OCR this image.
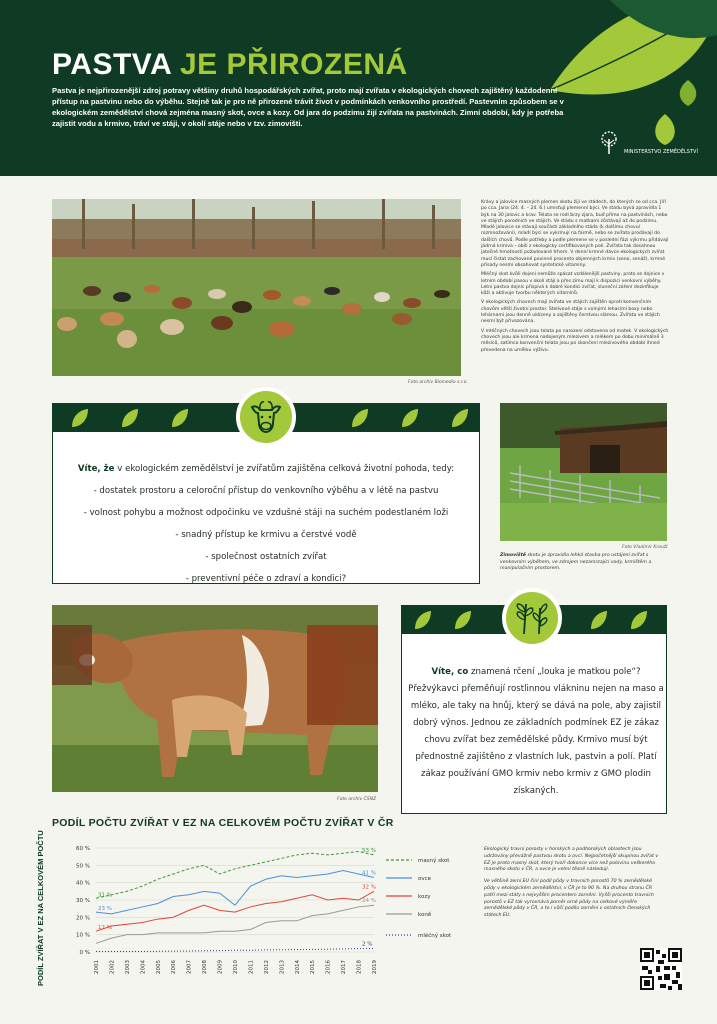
PASTVA JE PŘIROZENÁ
Pastva je nejpřirozenější zdroj potravy většiny druhů hospodářských zvířat, proto mají zvířata v ekologických chovech zajištěný každodenní přístup na pastvinu nebo do výběhu. Stejně tak je pro ně přirozené trávit život v podmínkách venkovního prostředí. Pastevním způsobem se v ekologickém zemědělství chová zejména masný skot, ovce a kozy. Od jara do podzimu žijí zvířata na pastvinách. Zimní období, kdy je potřeba zajistit vodu a krmivo, tráví ve stáji, v okolí stáje nebo v tzv. zimovišti.
MINISTERSTVO ZEMĚDĚLSTVÍ
Foto archiv Biomedio s.r.o.

Krávy a jalovice masných plemen skotu žijí ve stádech, do kterých se od cca. Jiří po cca. Jana (24. 4. – 24. 6.) umisťují plemenní býci. Ve stádu bývá zpravidla 1 býk na 30 jalovic a krav. Telata se rodí brzy zjara, buď přímo na pastvinách, nebo ve stájích porodních ve stájích. Ve stádu s matkami zůstávají až do podzimu. Mladé jalovice se stávají součástí základního stáda (k dalšímu chovu/ rozmnožování), mladí býci se vykrmují na farmě, nebo se zvířata prodávají do dalších chovů. Podle potřeby a podle plemene se v poslední fázi výkrmu přidávají jádrná krmiva – obilí z ekologicky certifikovaných polí. Zvířata tak dosahnou jatečné hmotnosti požadované trhem. V denní krmné dávce ekologických zvířat musí čistat zachované povinné procento objemných krmiv (seno, senáž), krmné přísady nesmí obsahovat syntetické vitamíny.

Mléčný skot kvůli dojení nemůže spásat vzdálenější pastviny, proto se dojnice v letním období pasou v okolí stájí a přes zimu mají k dispozici venkovní výběhy. Letní pastva dojnic přispívá k dobré kondici zvířat, sluneční záření dezinfikuje kůži a aktivuje tvorbu některých vitamínů.

V ekologických chovech mají zvířata ve stájích zajištěn oproti konvenčním chovům větší životní prostor. Stelivové stáje s volnými lehacími boxy nebo lehárnami jsou denně uklízeny a zajištěny čerstvou slámou. Zvířata ve stájích nesmí být přivazována.

V mléčných chovech jsou telata po narození odstavena od matek. V ekologických chovech jsou ale krmena nadojeným mlezivem a mlékem po dobu minimálně 3 měsíců, zatímco konvenční telata jsou po skončení mlezivového období ihned převedena na umělou výživu.

Víte, že v ekologickém zemědělství je zvířatům zajištěna celková životní pohoda, tedy:
- dostatek prostoru a celoroční přístup do venkovního výběhu a v létě na pastvu
- volnost pohybu a možnost odpočinku ve vzdušné stáji na suchém podestlaném loži
- snadný přístup ke krmivu a čerstvé vodě
- společnost ostatních zvířat
- preventivní péče o zdraví a kondici?
Foto Vladimír Kroužl
Zimoviště skotu je zpravidla lehká stavba pro ustájení zvířat s venkovním výběhem, ve zdrojem nezamrzající vody, krmištěm a manipulačním prostorem.
Foto archiv ČSNZ
Víte, co znamená rčení „louka je matkou pole“? Přežvýkavci přeměňují rostlinnou vlákninu nejen na maso a mléko, ale taky na hnůj, který se dává na pole, aby zajistil dobrý výnos. Jednou ze základních podmínek EZ je zákaz chovu zvířat bez zemědělské půdy. Krmivo musí být přednostně zajištěno z vlastních luk, pastvin a polí. Platí zákaz používání GMO krmiv nebo krmiv z GMO plodin získaných.
PODÍL POČTU ZVÍŘAT V EZ NA CELKOVÉM POČTU ZVÍŘAT V ČR
PODÍL ZVÍŘAT V EZ NA CELKOVÉM POČTU	0 %
10 %
20 %
30 %
40 %
50 %
60 %
2001 2002 2003 2004 2005 2006 2007 2008 2009 2010 2011 2012 2013 2014 2015 2016 2017 2018 2019
31 %
53 %
masný skot
23 %
41 %
ovce
12 %
32 %
kozy
24 %
koně
2 %
mléčný skot

Ekologický travní porosty v horských a podhorských oblastech jsou udržovány převážně pastvou skotu a ovcí. Nejpočetnější skupinou zvířat v EZ je proto masný skot, který tvoří dokonce více než polovinu veškerého masného skotu v ČR, a ovce je velmi těsně následují.

Ve většině zemí EU činí podíl půdy v travních porostů 70 % zemědělské půdy v ekologickém zemědělství, v ČR je to 90 %. Na druhou stranu ČR patří mezi státy s nejvyšším procentem zornění. Vyšší procento travních porostů v EZ tak vyrovnává poměr orné půdy na celkové výměře zemědělské půdy v ČR, a to i vůči podílu zornění v ostatních členských státech EU.
